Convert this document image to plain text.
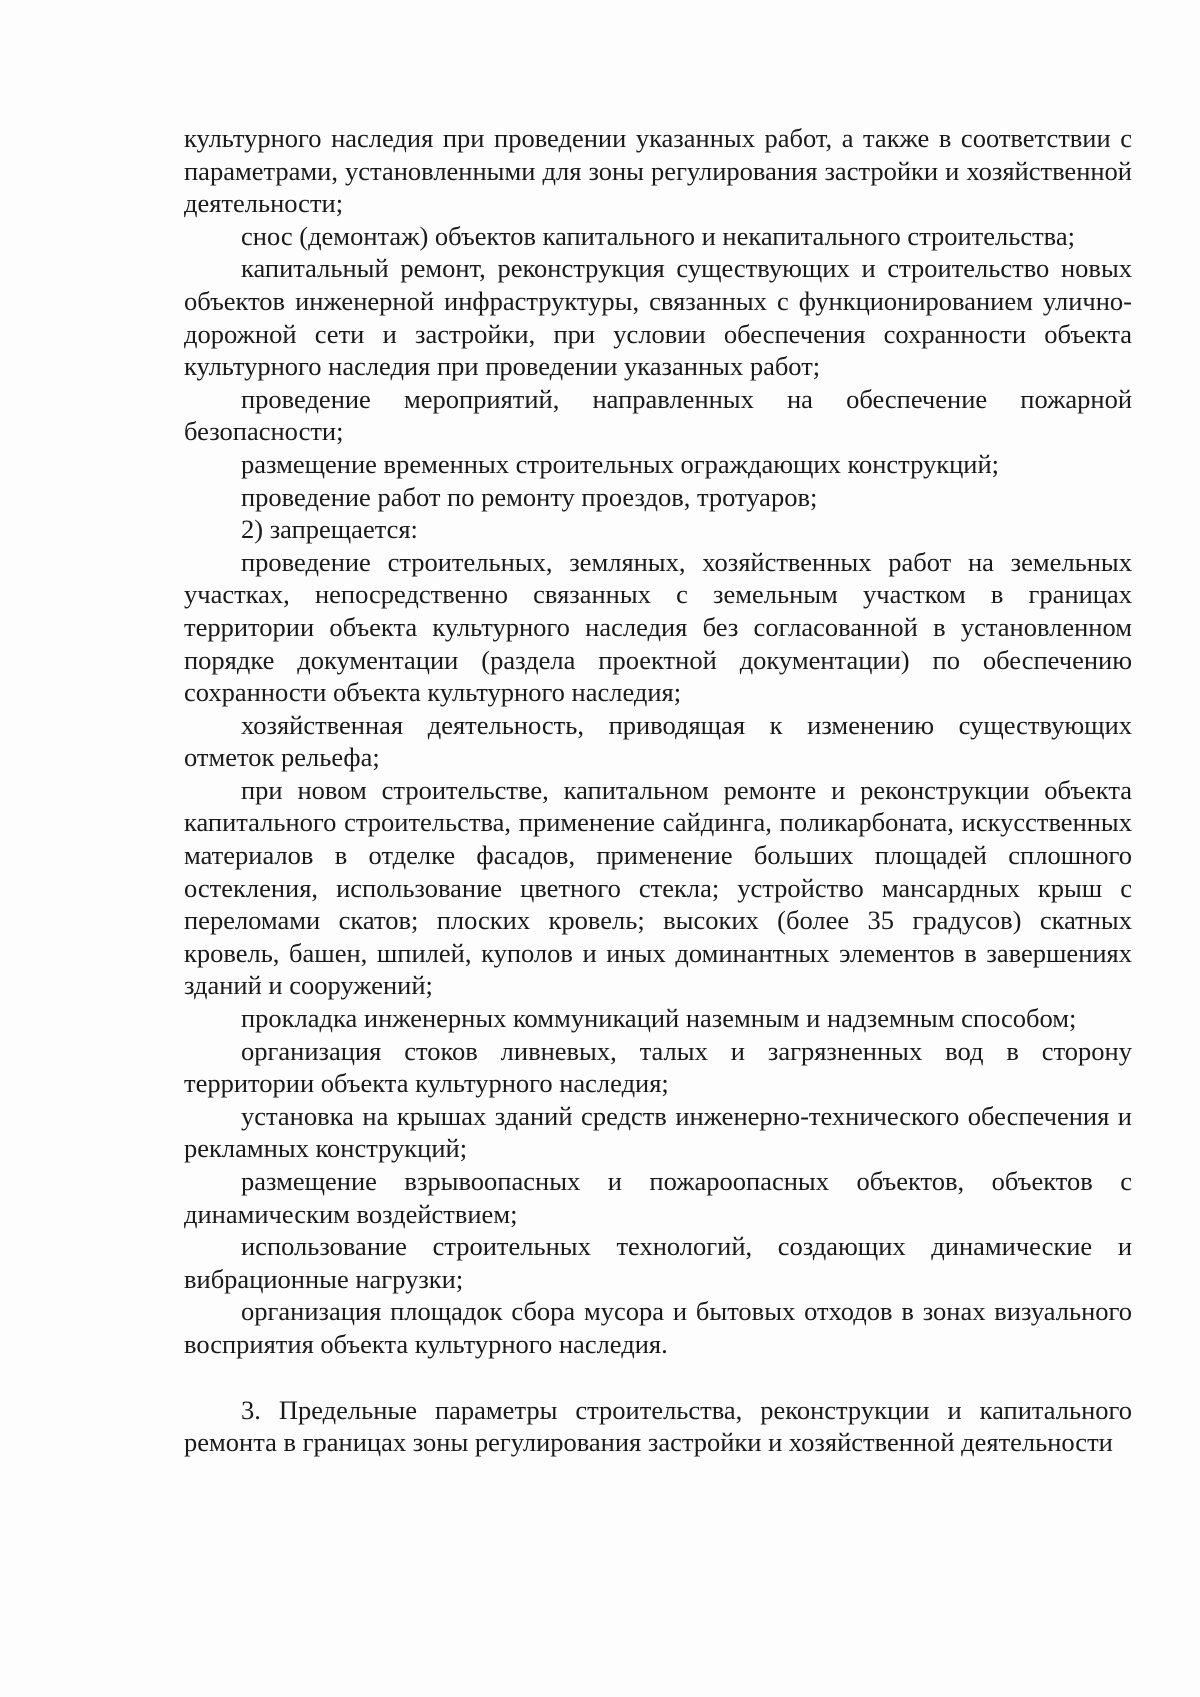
культурного наследия при проведении указанных работ, а также в соответствии с параметрами, установленными для зоны регулирования застройки и хозяйственной деятельности;

снос (демонтаж) объектов капитального и некапитального строительства;

капитальный ремонт, реконструкция существующих и строительство новых объектов инженерной инфраструктуры, связанных с функционированием улично-дорожной сети и застройки, при условии обеспечения сохранности объекта культурного наследия при проведении указанных работ;

проведение мероприятий, направленных на обеспечение пожарной безопасности;

размещение временных строительных ограждающих конструкций;

проведение работ по ремонту проездов, тротуаров;

2) запрещается:

проведение строительных, земляных, хозяйственных работ на земельных участках, непосредственно связанных с земельным участком в границах территории объекта культурного наследия без согласованной в установленном порядке документации (раздела проектной документации) по обеспечению сохранности объекта культурного наследия;

хозяйственная деятельность, приводящая к изменению существующих отметок рельефа;

при новом строительстве, капитальном ремонте и реконструкции объекта капитального строительства, применение сайдинга, поликарбоната, искусственных материалов в отделке фасадов, применение больших площадей сплошного остекления, использование цветного стекла; устройство мансардных крыш с переломами скатов; плоских кровель; высоких (более 35 градусов) скатных кровель, башен, шпилей, куполов и иных доминантных элементов в завершениях зданий и сооружений;

прокладка инженерных коммуникаций наземным и надземным способом;

организация стоков ливневых, талых и загрязненных вод в сторону территории объекта культурного наследия;

установка на крышах зданий средств инженерно-технического обеспечения и рекламных конструкций;

размещение взрывоопасных и пожароопасных объектов, объектов с динамическим воздействием;

использование строительных технологий, создающих динамические и вибрационные нагрузки;

организация площадок сбора мусора и бытовых отходов в зонах визуального восприятия объекта культурного наследия.

3. Предельные параметры строительства, реконструкции и капитального ремонта в границах зоны регулирования застройки и хозяйственной деятельности
